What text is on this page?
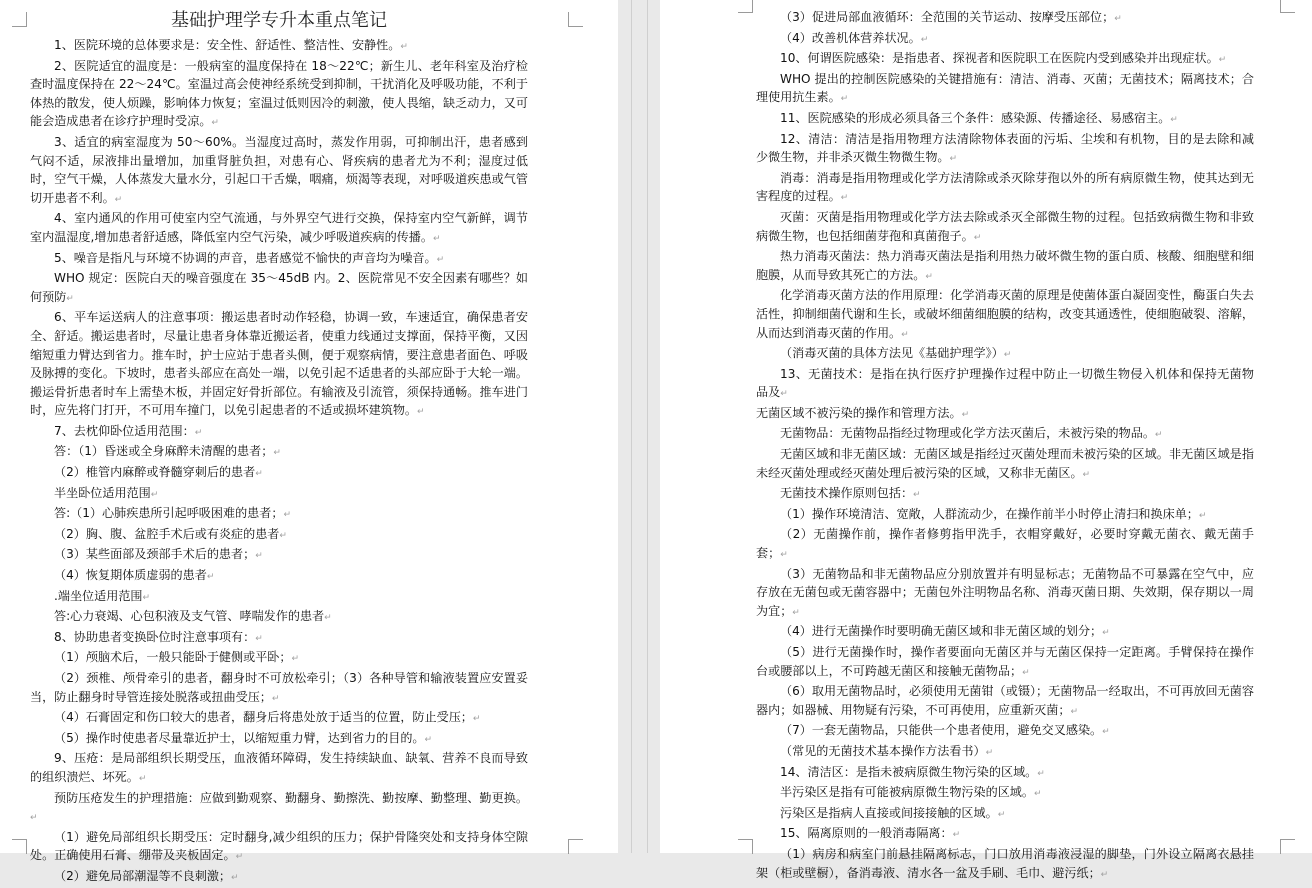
基础护理学专升本重点笔记

1、医院环境的总体要求是：安全性、舒适性、整洁性、安静性。↵

2、医院适宜的温度是：一般病室的温度保持在 18～22℃；新生儿、老年科室及治疗检查时温度保持在 22～24℃。室温过高会使神经系统受到抑制，干扰消化及呼吸功能，不利于体热的散发，使人烦躁，影响体力恢复；室温过低则因冷的刺激，使人畏缩，缺乏动力，又可能会造成患者在诊疗护理时受凉。↵

3、适宜的病室湿度为 50～60%。当湿度过高时，蒸发作用弱，可抑制出汗，患者感到气闷不适，尿液排出量增加，加重肾脏负担，对患有心、肾疾病的患者尤为不利；湿度过低时，空气干燥，人体蒸发大量水分，引起口干舌燥，咽痛，烦渴等表现，对呼吸道疾患或气管切开患者不利。↵

4、室内通风的作用可使室内空气流通，与外界空气进行交换，保持室内空气新鲜，调节室内温湿度,增加患者舒适感，降低室内空气污染，减少呼吸道疾病的传播。↵

5、噪音是指凡与环境不协调的声音，患者感觉不愉快的声音均为噪音。↵

WHO 规定：医院白天的噪音强度在 35～45dB 内。2、医院常见不安全因素有哪些？如何预防↵

6、平车运送病人的注意事项：搬运患者时动作轻稳，协调一致，车速适宜，确保患者安全、舒适。搬运患者时，尽量让患者身体靠近搬运者，使重力线通过支撑面，保持平衡，又因缩短重力臂达到省力。推车时，护士应站于患者头侧，便于观察病情，要注意患者面色、呼吸及脉搏的变化。下坡时，患者头部应在高处一端，以免引起不适患者的头部应卧于大轮一端。搬运骨折患者时车上需垫木板，并固定好骨折部位。有输液及引流管，须保持通畅。推车进门时，应先将门打开，不可用车撞门，以免引起患者的不适或损坏建筑物。↵

7、去枕仰卧位适用范围：↵

答：（1）昏迷或全身麻醉未清醒的患者；↵

（2）椎管内麻醉或脊髓穿刺后的患者↵

半坐卧位适用范围↵

答:（1）心肺疾患所引起呼吸困难的患者；↵

（2）胸、腹、盆腔手术后或有炎症的患者↵

（3）某些面部及颈部手术后的患者；↵

（4）恢复期体质虚弱的患者↵

.端坐位适用范围↵

答:心力衰竭、心包积液及支气管、哮喘发作的患者↵

8、协助患者变换卧位时注意事项有：↵

（1）颅脑术后，一般只能卧于健侧或平卧；↵

（2）颈椎、颅骨牵引的患者，翻身时不可放松牵引；（3）各种导管和输液装置应安置妥当，防止翻身时导管连接处脱落或扭曲受压；↵

（4）石膏固定和伤口较大的患者，翻身后将患处放于适当的位置，防止受压；↵

（5）操作时使患者尽量靠近护士，以缩短重力臂，达到省力的目的。↵

9、压疮：是局部组织长期受压，血液循环障碍，发生持续缺血、缺氧、营养不良而导致的组织溃烂、坏死。↵

预防压疮发生的护理措施：应做到勤观察、勤翻身、勤擦洗、勤按摩、勤整理、勤更换。↵

（1）避免局部组织长期受压：定时翻身,减少组织的压力；保护骨隆突处和支持身体空隙处。正确使用石膏、绷带及夹板固定。↵

（2）避免局部潮湿等不良刺激；↵

（3）促进局部血液循环：全范围的关节运动、按摩受压部位；↵

（4）改善机体营养状况。↵

10、何谓医院感染：是指患者、探视者和医院职工在医院内受到感染并出现症状。↵

WHO 提出的控制医院感染的关键措施有：清洁、消毒、灭菌；无菌技术；隔离技术；合理使用抗生素。↵

11、医院感染的形成必须具备三个条件：感染源、传播途径、易感宿主。↵

12、清洁：清洁是指用物理方法清除物体表面的污垢、尘埃和有机物，目的是去除和减少微生物，并非杀灭微生物微生物。↵

消毒：消毒是指用物理或化学方法清除或杀灭除芽孢以外的所有病原微生物，使其达到无害程度的过程。↵

灭菌：灭菌是指用物理或化学方法去除或杀灭全部微生物的过程。包括致病微生物和非致病微生物，也包括细菌芽孢和真菌孢子。↵

热力消毒灭菌法：热力消毒灭菌法是指利用热力破坏微生物的蛋白质、核酸、细胞壁和细胞膜，从而导致其死亡的方法。↵

化学消毒灭菌方法的作用原理：化学消毒灭菌的原理是使菌体蛋白凝固变性，酶蛋白失去活性，抑制细菌代谢和生长，或破坏细菌细胞膜的结构，改变其通透性，使细胞破裂、溶解，从而达到消毒灭菌的作用。↵

（消毒灭菌的具体方法见《基础护理学》）↵

13、无菌技术：是指在执行医疗护理操作过程中防止一切微生物侵入机体和保持无菌物品及↵

无菌区域不被污染的操作和管理方法。↵

无菌物品：无菌物品指经过物理或化学方法灭菌后，未被污染的物品。↵

无菌区域和非无菌区域：无菌区域是指经过灭菌处理而未被污染的区域。非无菌区域是指未经灭菌处理或经灭菌处理后被污染的区域，又称非无菌区。↵

无菌技术操作原则包括：↵

（1）操作环境清洁、宽敞，人群流动少，在操作前半小时停止清扫和换床单；↵

（2）无菌操作前，操作者修剪指甲洗手，衣帽穿戴好，必要时穿戴无菌衣、戴无菌手套；↵

（3）无菌物品和非无菌物品应分别放置并有明显标志；无菌物品不可暴露在空气中，应存放在无菌包或无菌容器中；无菌包外注明物品名称、消毒灭菌日期、失效期，保存期以一周为宜；↵

（4）进行无菌操作时要明确无菌区域和非无菌区域的划分；↵

（5）进行无菌操作时，操作者要面向无菌区并与无菌区保持一定距离。手臂保持在操作台或腰部以上，不可跨越无菌区和接触无菌物品；↵

（6）取用无菌物品时，必须使用无菌钳（或镊）；无菌物品一经取出，不可再放回无菌容器内；如器械、用物疑有污染，不可再使用，应重新灭菌；↵

（7）一套无菌物品，只能供一个患者使用，避免交叉感染。↵

（常见的无菌技术基本操作方法看书）↵

14、清洁区：是指未被病原微生物污染的区域。↵

半污染区是指有可能被病原微生物污染的区域。↵

污染区是指病人直接或间接接触的区域。↵

15、隔离原则的一般消毒隔离：↵

（1）病房和病室门前悬挂隔离标志，门口放用消毒液浸湿的脚垫，门外设立隔离衣悬挂架（柜或壁橱），备消毒液、清水各一盆及手刷、毛巾、避污纸；↵
